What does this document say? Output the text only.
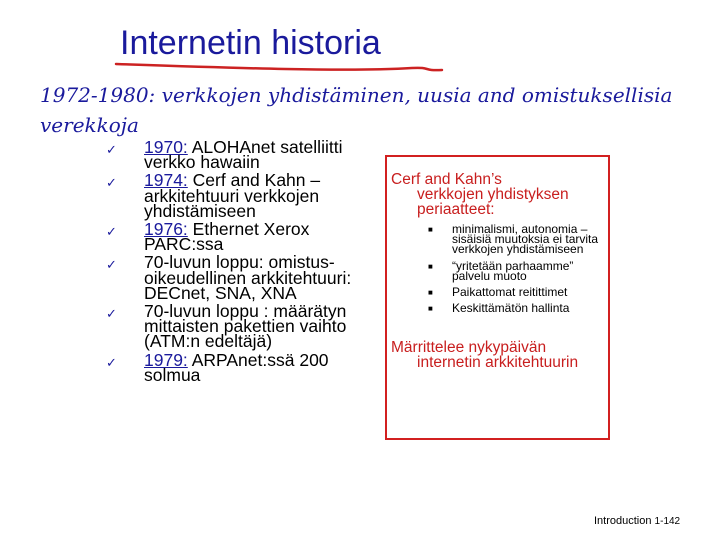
Internetin historia
1972-1980: verkkojen yhdistäminen, uusia and omistuksellisia verekkoja
✓ 1970: ALOHAnet satelliitti verkko hawaiin
✓ 1974: Cerf and Kahn – arkkitehtuuri verkkojen yhdistämiseen
✓ 1976: Ethernet Xerox PARC:ssa
✓ 70-luvun loppu: omistus-oikeudellinen arkkitehtuuri: DECnet, SNA, XNA
✓ 70-luvun loppu : määrätyn mittaisten pakettien vaihto (ATM:n edeltäjä)
✓ 1979: ARPAnet:ssä 200 solmua
Cerf and Kahn’s
verkkojen yhdistyksen periaatteet:
■ minimalismi, autonomia – sisäisiä muutoksia ei tarvita verkkojen yhdistämiseen
■ “yritetään parhaamme” palvelu muoto
■ Paikattomat reitittimet
■ Keskittämätön hallinta
Märrittelee nykypäivän
internetin arkkitehtuurin
Introduction 1-142
